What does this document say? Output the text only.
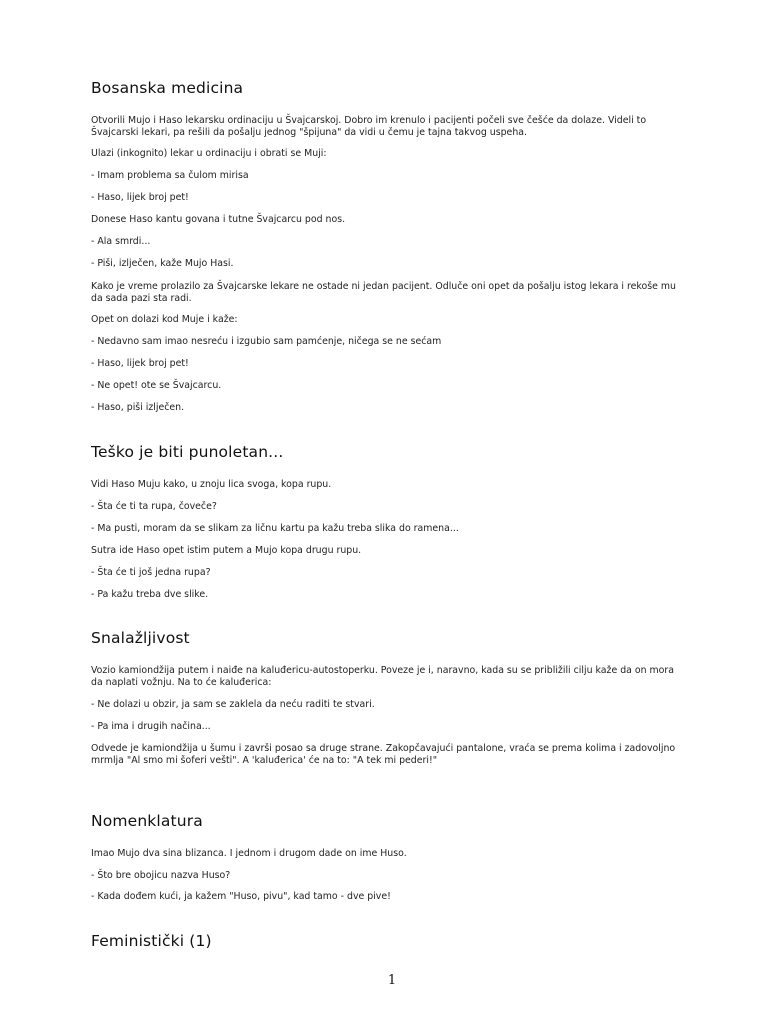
Bosanska medicina

Otvorili Mujo i Haso lekarsku ordinaciju u Švajcarskoj. Dobro im krenulo i pacijenti počeli sve češće da dolaze. Videli to Švajcarski lekari, pa rešili da pošalju jednog "špijuna" da vidi u čemu je tajna takvog uspeha.

Ulazi (inkognito) lekar u ordinaciju i obrati se Muji:

- Imam problema sa čulom mirisa

- Haso, lijek broj pet!

Donese Haso kantu govana i tutne Švajcarcu pod nos.

- Ala smrdi...

- Piši, izlječen, kaže Mujo Hasi.

Kako je vreme prolazilo za Švajcarske lekare ne ostade ni jedan pacijent. Odluče oni opet da pošalju istog lekara i rekoše mu da sada pazi sta radi.

Opet on dolazi kod Muje i kaže:

- Nedavno sam imao nesreću i izgubio sam pamćenje, ničega se ne sećam

- Haso, lijek broj pet!

- Ne opet! ote se Švajcarcu.

- Haso, piši izlječen.

Teško je biti punoletan...

Vidi Haso Muju kako, u znoju lica svoga, kopa rupu.

- Šta će ti ta rupa, čoveče?

- Ma pusti, moram da se slikam za ličnu kartu pa kažu treba slika do ramena...

Sutra ide Haso opet istim putem a Mujo kopa drugu rupu.

- Šta će ti još jedna rupa?

- Pa kažu treba dve slike.

Snalažljivost

Vozio kamiondžija putem i naiđe na kaluđericu-autostoperku. Poveze je i, naravno, kada su se približili cilju kaže da on mora da naplati vožnju. Na to će kaluđerica:

- Ne dolazi u obzir, ja sam se zaklela da neću raditi te stvari.

- Pa ima i drugih načina...

Odvede je kamiondžija u šumu i završi posao sa druge strane. Zakopčavajući pantalone, vraća se prema kolima i zadovoljno mrmlja "Al smo mi šoferi vešti". A 'kaluđerica' će na to: "A tek mi pederi!"

Nomenklatura

Imao Mujo dva sina blizanca. I jednom i drugom dade on ime Huso.

- Što bre obojicu nazva Huso?

- Kada dođem kući, ja kažem "Huso, pivu", kad tamo - dve pive!

Feministički (1)
1
